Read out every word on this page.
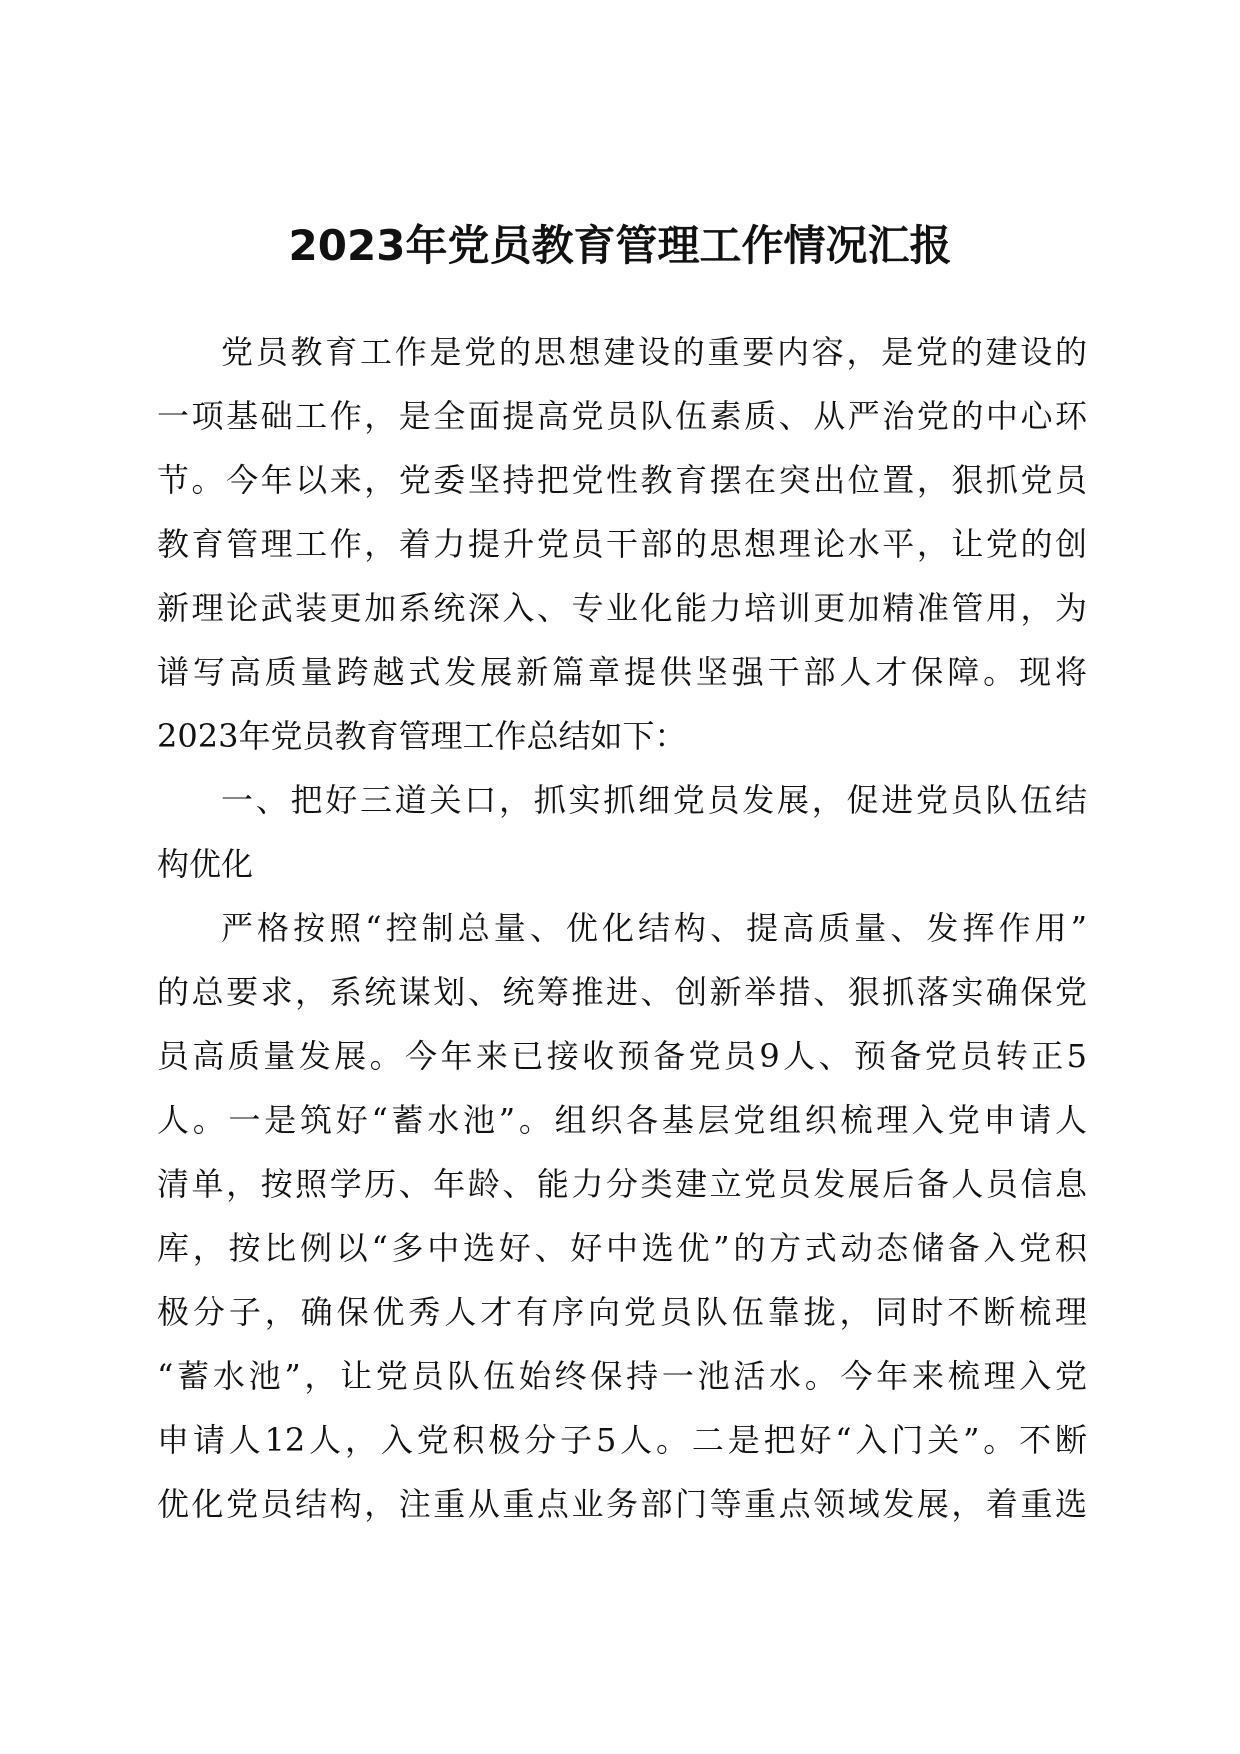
2023年党员教育管理工作情况汇报
党员教育工作是党的思想建设的重要内容，是党的建设的
一项基础工作，是全面提高党员队伍素质、从严治党的中心环
节。今年以来，党委坚持把党性教育摆在突出位置，狠抓党员
教育管理工作，着力提升党员干部的思想理论水平，让党的创
新理论武装更加系统深入、专业化能力培训更加精准管用，为
谱写高质量跨越式发展新篇章提供坚强干部人才保障。现将
2023年党员教育管理工作总结如下：
一、把好三道关口，抓实抓细党员发展，促进党员队伍结
构优化
严格按照“控制总量、优化结构、提高质量、发挥作用”
的总要求，系统谋划、统筹推进、创新举措、狠抓落实确保党
员高质量发展。今年来已接收预备党员9人、预备党员转正5
人。一是筑好“蓄水池”。组织各基层党组织梳理入党申请人
清单，按照学历、年龄、能力分类建立党员发展后备人员信息
库，按比例以“多中选好、好中选优”的方式动态储备入党积
极分子，确保优秀人才有序向党员队伍靠拢，同时不断梳理
“蓄水池”，让党员队伍始终保持一池活水。今年来梳理入党
申请人12人，入党积极分子5人。二是把好“入门关”。不断
优化党员结构，注重从重点业务部门等重点领域发展，着重选
